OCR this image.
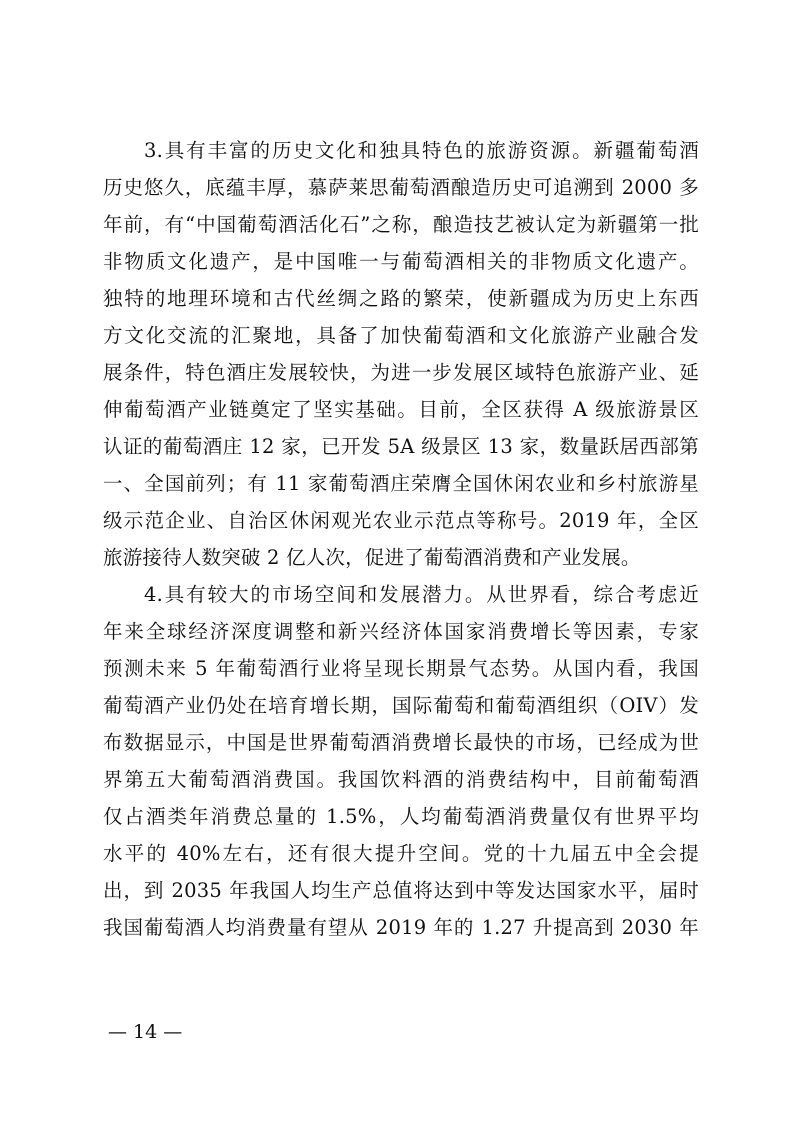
3.具有丰富的历史文化和独具特色的旅游资源。新疆葡萄酒
历史悠久，底蕴丰厚，慕萨莱思葡萄酒酿造历史可追溯到 2000 多
年前，有“中国葡萄酒活化石”之称，酿造技艺被认定为新疆第一批
非物质文化遗产，是中国唯一与葡萄酒相关的非物质文化遗产。
独特的地理环境和古代丝绸之路的繁荣，使新疆成为历史上东西
方文化交流的汇聚地，具备了加快葡萄酒和文化旅游产业融合发
展条件，特色酒庄发展较快，为进一步发展区域特色旅游产业、延
伸葡萄酒产业链奠定了坚实基础。目前，全区获得 A 级旅游景区
认证的葡萄酒庄 12 家，已开发 5A 级景区 13 家，数量跃居西部第
一、全国前列；有 11 家葡萄酒庄荣膺全国休闲农业和乡村旅游星
级示范企业、自治区休闲观光农业示范点等称号。2019 年，全区
旅游接待人数突破 2 亿人次，促进了葡萄酒消费和产业发展。
4.具有较大的市场空间和发展潜力。从世界看，综合考虑近
年来全球经济深度调整和新兴经济体国家消费增长等因素，专家
预测未来 5 年葡萄酒行业将呈现长期景气态势。从国内看，我国
葡萄酒产业仍处在培育增长期，国际葡萄和葡萄酒组织（OIV）发
布数据显示，中国是世界葡萄酒消费增长最快的市场，已经成为世
界第五大葡萄酒消费国。我国饮料酒的消费结构中，目前葡萄酒
仅占酒类年消费总量的 1.5%，人均葡萄酒消费量仅有世界平均
水平的 40%左右，还有很大提升空间。党的十九届五中全会提
出，到 2035 年我国人均生产总值将达到中等发达国家水平，届时
我国葡萄酒人均消费量有望从 2019 年的 1.27 升提高到 2030 年
— 14 —
